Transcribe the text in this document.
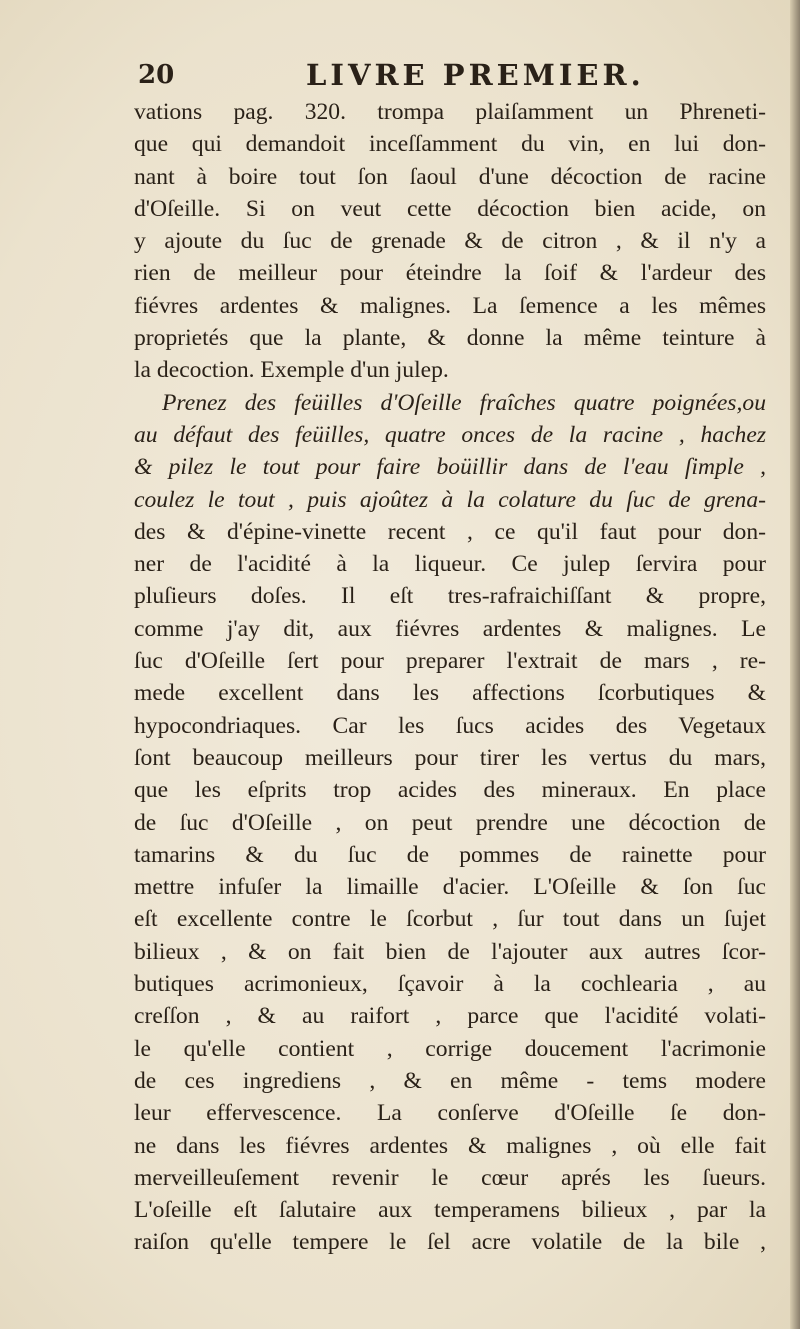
20	LIVRE PREMIER.
vations pag. 320. trompa plaiſamment un Phreneti-
que qui demandoit inceſſamment du vin, en lui don-
nant à boire tout ſon ſaoul d'une décoction de racine
d'Oſeille. Si on veut cette décoction bien acide, on
y ajoute du ſuc de grenade & de citron , & il n'y a
rien de meilleur pour éteindre la ſoif & l'ardeur des
fiévres ardentes & malignes. La ſemence a les mêmes
proprietés que la plante, & donne la même teinture à
la decoction. Exemple d'un julep.
Prenez des feüilles d'Oſeille fraîches quatre poignées,ou
au défaut des feüilles, quatre onces de la racine , hachez
& pilez le tout pour faire boüillir dans de l'eau ſimple ,
coulez le tout , puis ajoûtez à la colature du ſuc de grena-
des & d'épine-vinette recent , ce qu'il faut pour don-
ner de l'acidité à la liqueur. Ce julep ſervira pour
pluſieurs doſes. Il eſt tres-rafraichiſſant & propre,
comme j'ay dit, aux fiévres ardentes & malignes. Le
ſuc d'Oſeille ſert pour preparer l'extrait de mars , re-
mede excellent dans les affections ſcorbutiques &
hypocondriaques. Car les ſucs acides des Vegetaux
ſont beaucoup meilleurs pour tirer les vertus du mars,
que les eſprits trop acides des mineraux. En place
de ſuc d'Oſeille , on peut prendre une décoction de
tamarins & du ſuc de pommes de rainette pour
mettre infuſer la limaille d'acier. L'Oſeille & ſon ſuc
eſt excellente contre le ſcorbut , ſur tout dans un ſujet
bilieux , & on fait bien de l'ajouter aux autres ſcor-
butiques acrimonieux, ſçavoir à la cochlearia , au
creſſon , & au raifort , parce que l'acidité volati-
le qu'elle contient , corrige doucement l'acrimonie
de ces ingrediens , & en même - tems modere
leur effervescence. La conſerve d'Oſeille ſe don-
ne dans les fiévres ardentes & malignes , où elle fait
merveilleuſement revenir le cœur aprés les ſueurs.
L'oſeille eſt ſalutaire aux temperamens bilieux , par la
raiſon qu'elle tempere le ſel acre volatile de la bile ,
